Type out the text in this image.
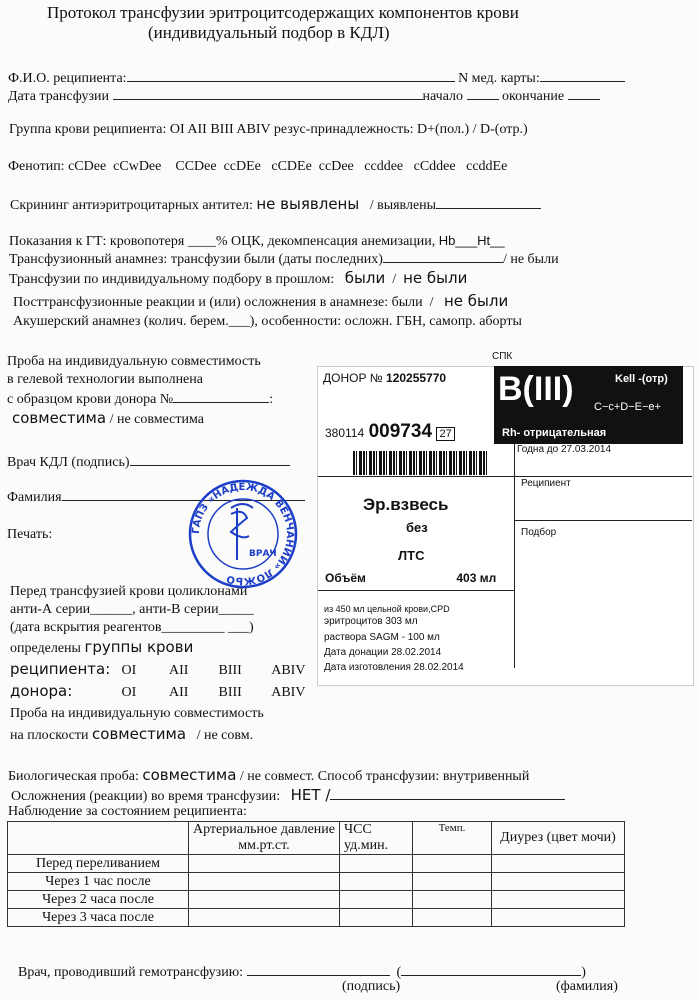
Протокол трансфузии эритроцитсодержащих компонентов крови
(индивидуальный подбор в КДЛ)
Ф.И.О. реципиента:	N мед. карты:
Дата трансфузии	начало	окончание
Группа крови реципиента: OI AII BIII ABIV резус-принадлежность: D+(пол.) / D-(отр.)
Фенотип: cCDee  cCwDee    CCDee  ccDEe   cCDEe  ccDee   ccddee   cCddee   ccddEe
Скрининг антиэритроцитарных антител: не выявлены / выявлены
Показания к ГТ: кровопотеря ____% ОЦК, декомпенсация анемизации, Hb___Ht__
Трансфузионный анамнез: трансфузии были (даты последних)	/ не были
Трансфузии по индивидуальному подбору в прошлом: были  /  не были
Посттрансфузионные реакции и (или) осложнения в анамнезе: были  /   не были
Акушерский анамнез (колич. берем.___), особенности: осложн. ГБН, самопр. аборты
Проба на индивидуальную совместимость
в гелевой технологии выполнена
с образцом крови донора №	:
совместима / не совместима
Врач КДЛ (подпись)
Фамилия
Печать:	ГАПЗ «НАДЕЖДА ВЕНЧАНИИ» ЛОЖЬО
ВРАЧ
Перед трансфузией крови цоликлонами
анти-А серии______, анти-В серии_____
(дата вскрытия реагентов_________ ___)
определены группы крови
реципиента: OI AII BIII ABIV
донора:	OI AII BIII ABIV
Проба на индивидуальную совместимость
на плоскости совместима / не совм.
СПК
ДОНОР № 120255770
380114 009734 27
B(III)	Kell -(отр)
C−c+D−E−e+
Rh- отрицательная
Годна до 27.03.2014
Реципиент
Подбор
Эр.взвесь
без
ЛТС
Объём	403 мл
из 450 мл цельной крови,CPD
эритроцитов 303 мл
раствора SAGM - 100 мл
Дата донации 28.02.2014
Дата изготовления 28.02.2014
Биологическая проба: совместима / не совмест. Способ трансфузии: внутривенный
Осложнения (реакции) во время трансфузии: НЕТ /
Наблюдение за состоянием реципиента:
	Артериальное давление мм.рт.ст.	ЧСС уд.мин.	Темп.	Диурез (цвет мочи)
Перед переливанием				
Через 1 час после				
Через 2 часа после				
Через 3 часа после				
Врач, проводивший гемотрансфузию:	(	)
(подпись)	(фамилия)
